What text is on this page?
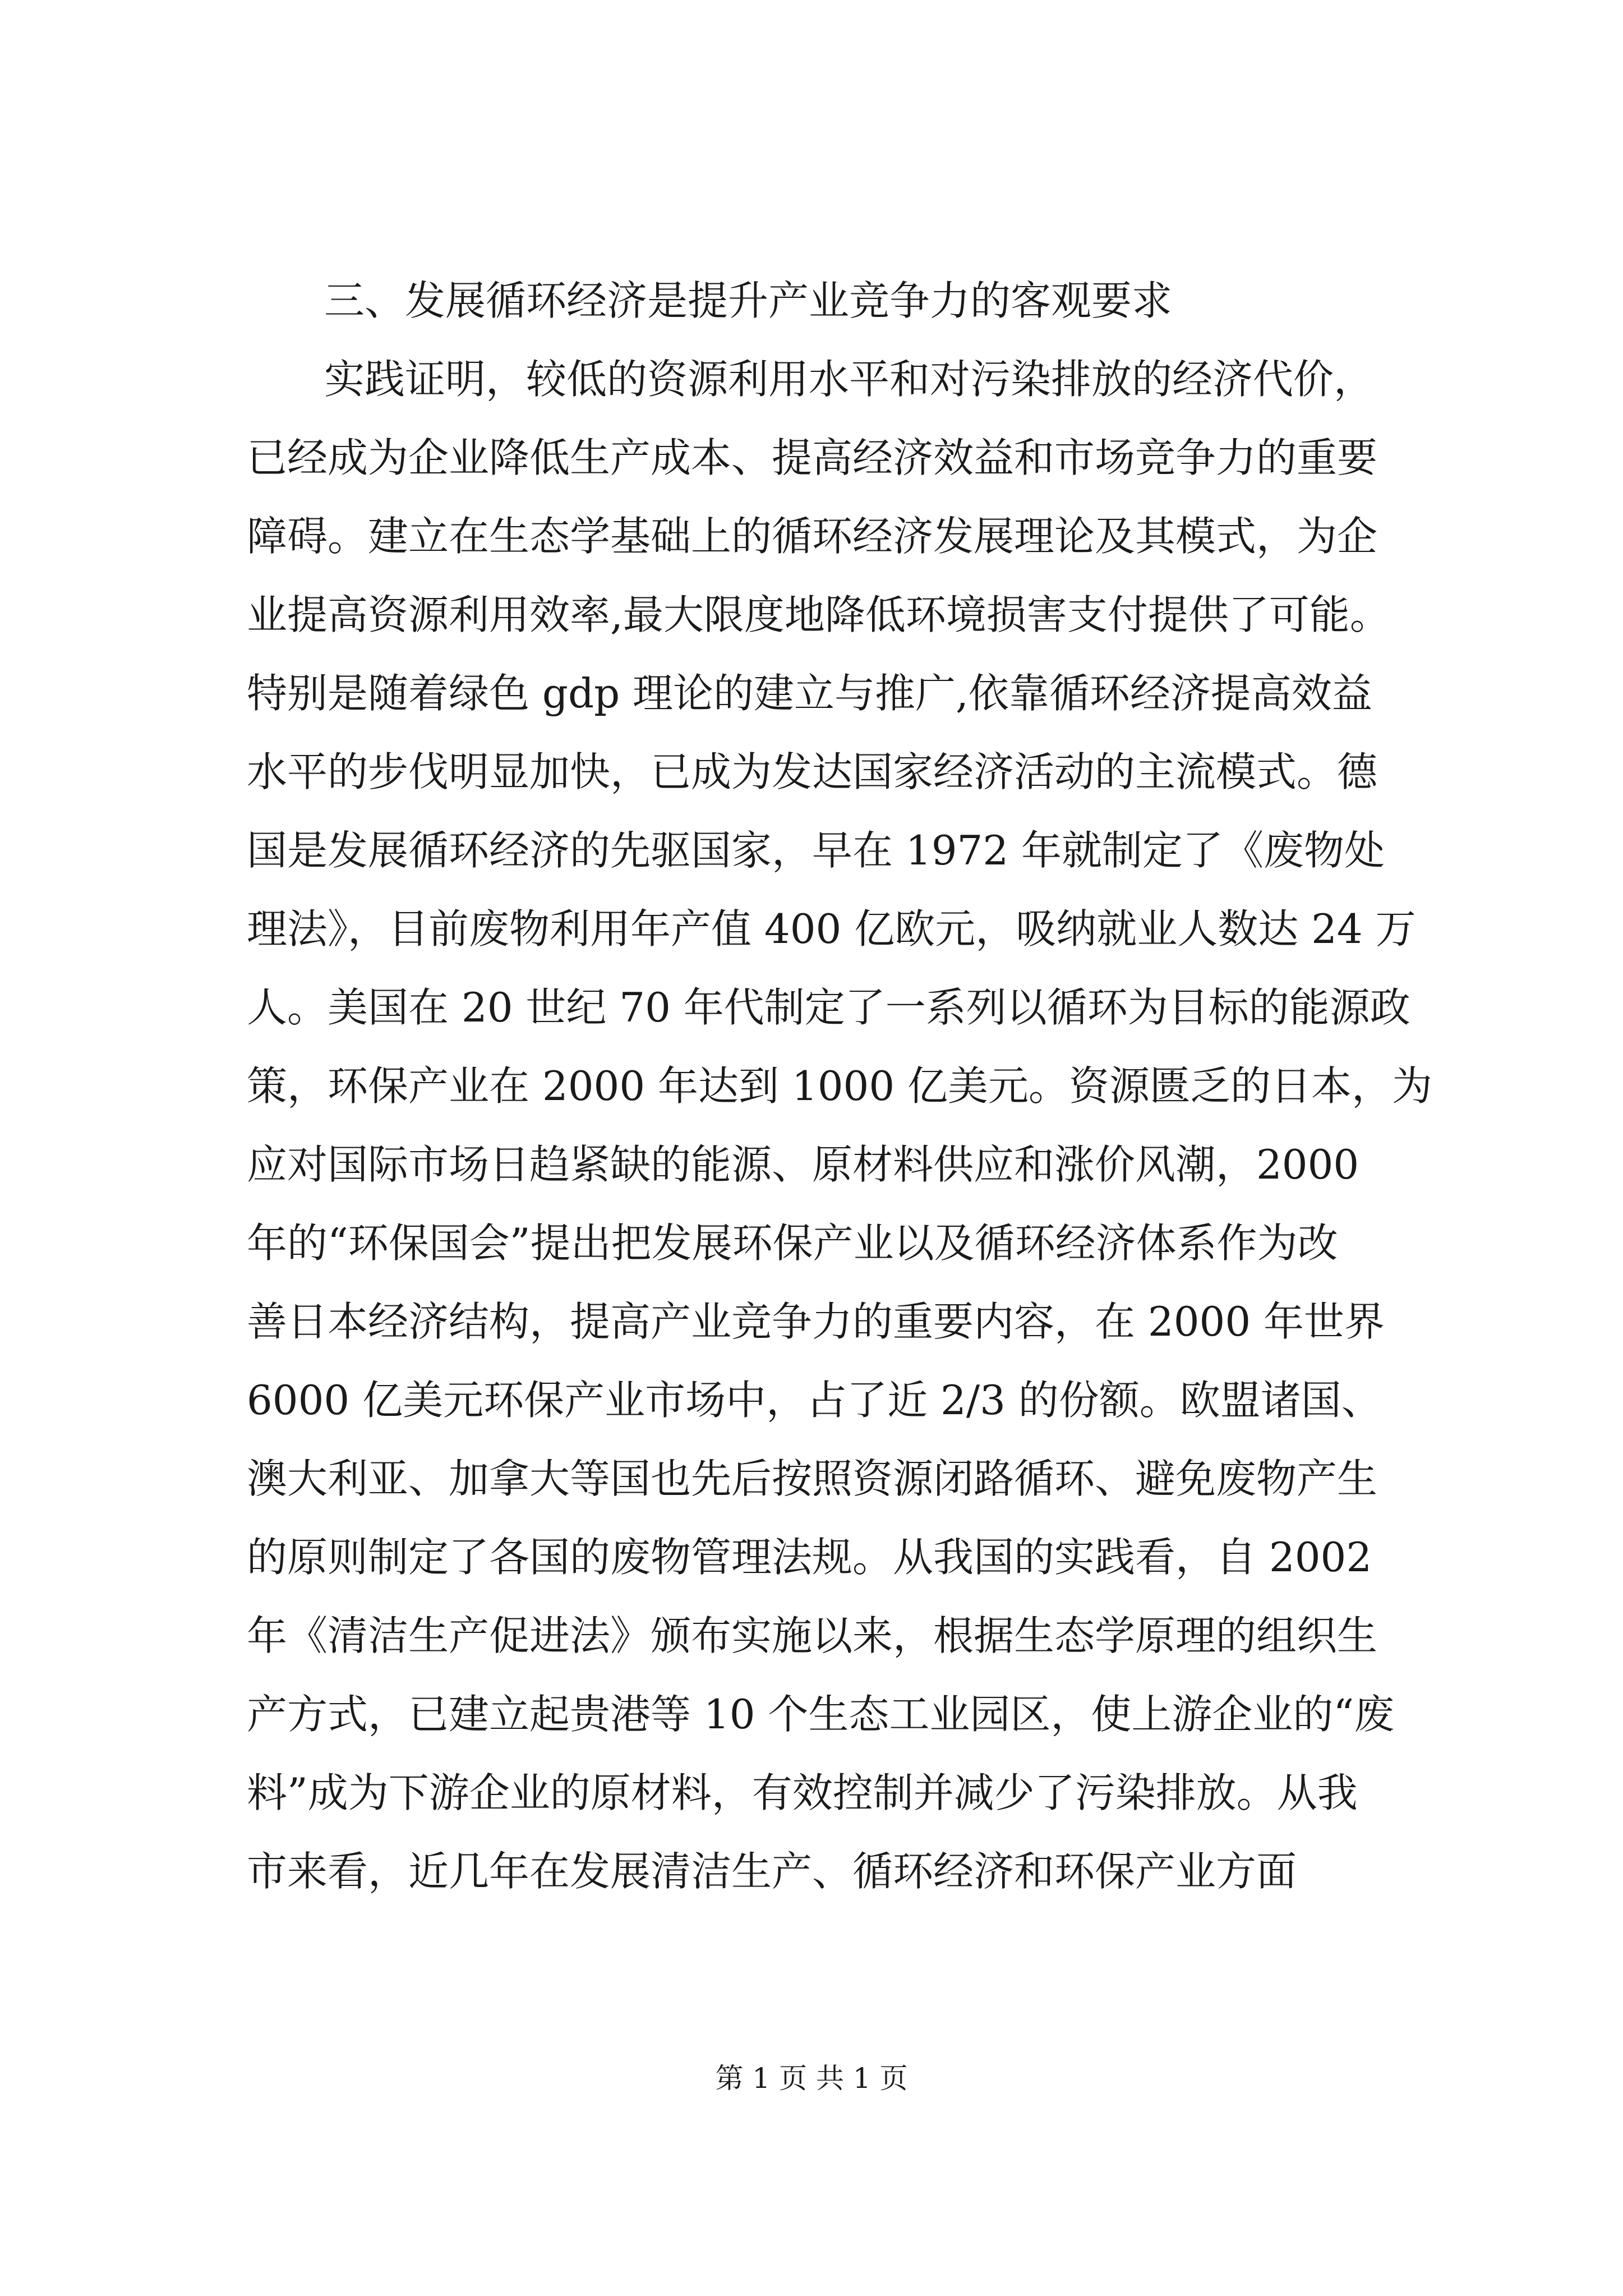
三、发展循环经济是提升产业竞争力的客观要求
实践证明，较低的资源利用水平和对污染排放的经济代价，
已经成为企业降低生产成本、提高经济效益和市场竞争力的重要
障碍。建立在生态学基础上的循环经济发展理论及其模式，为企
业提高资源利用效率,最大限度地降低环境损害支付提供了可能。
特别是随着绿色 gdp 理论的建立与推广,依靠循环经济提高效益
水平的步伐明显加快，已成为发达国家经济活动的主流模式。德
国是发展循环经济的先驱国家，早在 1972 年就制定了《废物处
理法》，目前废物利用年产值 400 亿欧元，吸纳就业人数达 24 万
人。美国在 20 世纪 70 年代制定了一系列以循环为目标的能源政
策，环保产业在 2000 年达到 1000 亿美元。资源匮乏的日本，为
应对国际市场日趋紧缺的能源、原材料供应和涨价风潮，2000
年的“环保国会”提出把发展环保产业以及循环经济体系作为改
善日本经济结构，提高产业竞争力的重要内容，在 2000 年世界
6000 亿美元环保产业市场中，占了近 2/3 的份额。欧盟诸国、
澳大利亚、加拿大等国也先后按照资源闭路循环、避免废物产生
的原则制定了各国的废物管理法规。从我国的实践看，自 2002
年《清洁生产促进法》颁布实施以来，根据生态学原理的组织生
产方式，已建立起贵港等 10 个生态工业园区，使上游企业的“废
料”成为下游企业的原材料，有效控制并减少了污染排放。从我
市来看，近几年在发展清洁生产、循环经济和环保产业方面
第 1 页 共 1 页
